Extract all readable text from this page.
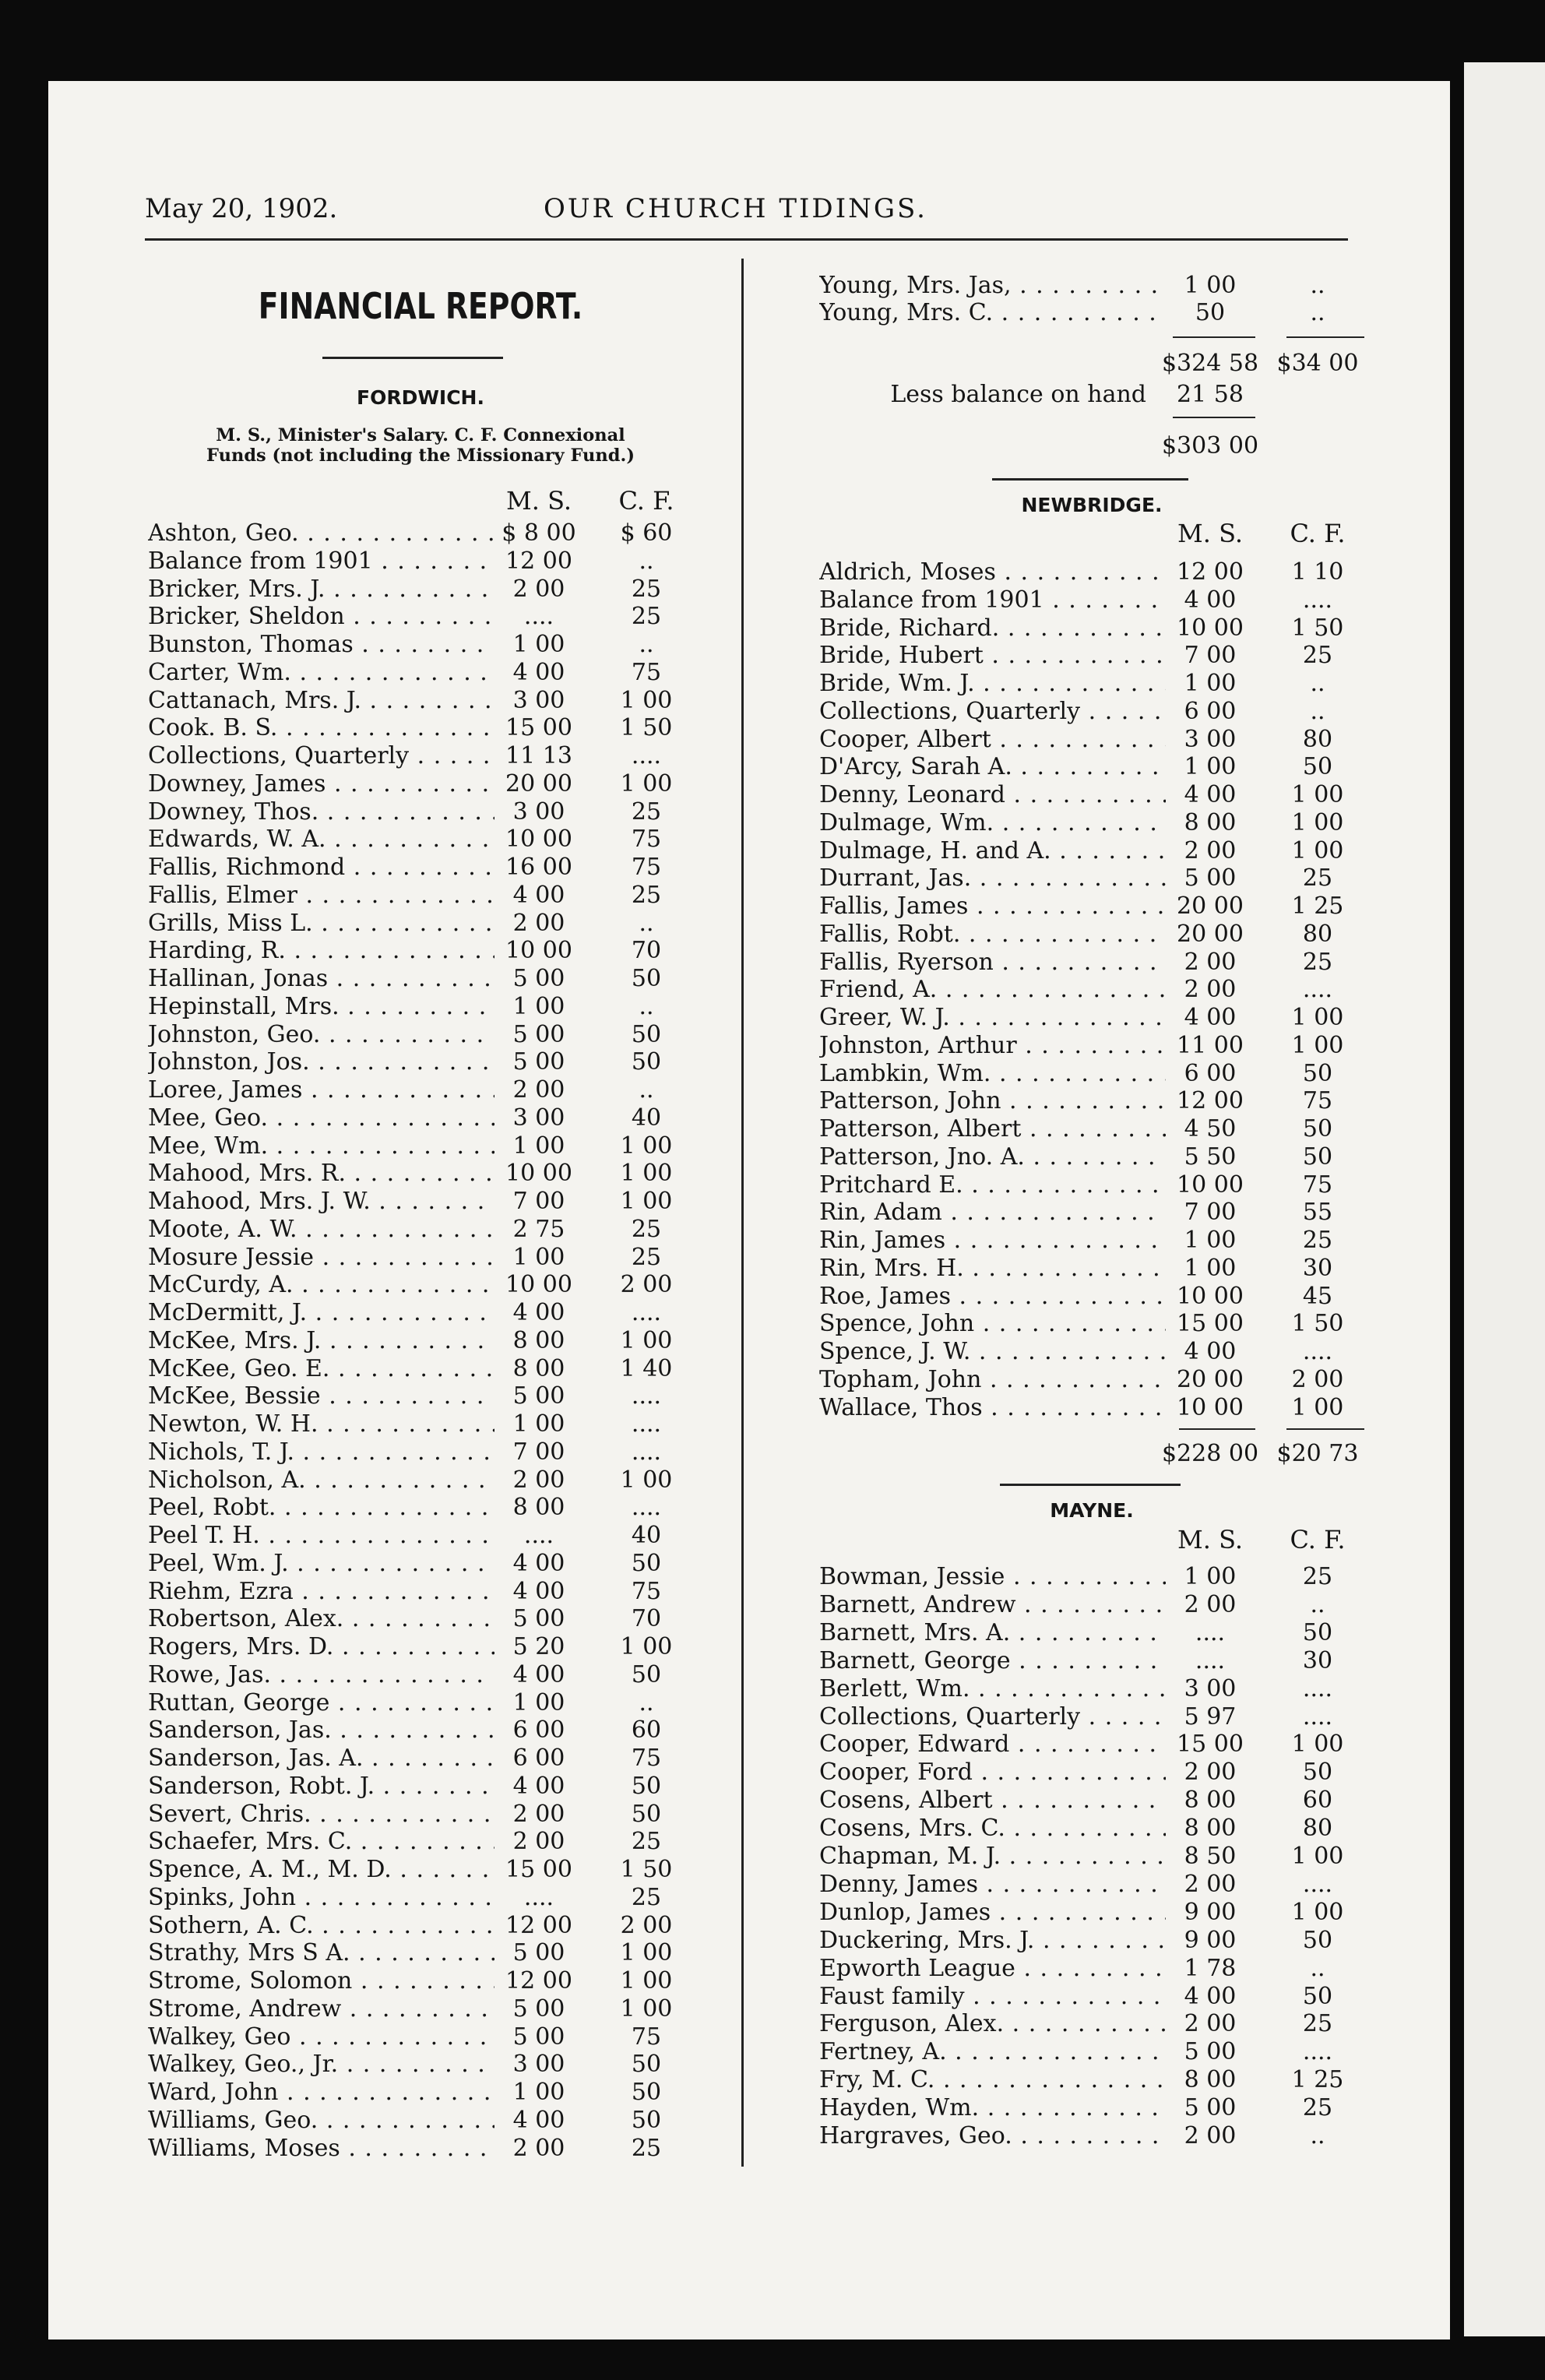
May 20, 1902.	OUR CHURCH TIDINGS.
FINANCIAL REPORT.
FORDWICH.
M. S., Minister's Salary. C. F. Connexional
Funds (not including the Missionary Fund.)
M. S.	C. F.
Ashton, Geo. . . .	$ 8 00	$ 60
Balance from 1901 . . .	12 00	..
Bricker, Mrs. J. . . .	2 00	25
Bricker, Sheldon . . .	....	25
Bunston, Thomas . . .	1 00	..
Carter, Wm. . . .	4 00	75
Cattanach, Mrs. J. . . .	3 00	1 00
Cook. B. S. . . .	15 00	1 50
Collections, Quarterly . . .	11 13	....
Downey, James . . .	20 00	1 00
Downey, Thos. . . .	3 00	25
Edwards, W. A. . . .	10 00	75
Fallis, Richmond . . .	16 00	75
Fallis, Elmer . . .	4 00	25
Grills, Miss L. . . .	2 00	..
Harding, R. . . .	10 00	70
Hallinan, Jonas . . .	5 00	50
Hepinstall, Mrs. . . .	1 00	..
Johnston, Geo. . . .	5 00	50
Johnston, Jos. . . .	5 00	50
Loree, James . . .	2 00	..
Mee, Geo. . . .	3 00	40
Mee, Wm. . . .	1 00	1 00
Mahood, Mrs. R. . . .	10 00	1 00
Mahood, Mrs. J. W. . . .	7 00	1 00
Moote, A. W. . . .	2 75	25
Mosure Jessie . . .	1 00	25
McCurdy, A. . . .	10 00	2 00
McDermitt, J. . . .	4 00	....
McKee, Mrs. J. . . .	8 00	1 00
McKee, Geo. E. . . .	8 00	1 40
McKee, Bessie . . .	5 00	....
Newton, W. H. . . .	1 00	....
Nichols, T. J. . . .	7 00	....
Nicholson, A. . . .	2 00	1 00
Peel, Robt. . . .	8 00	....
Peel T. H. . . .	....	40
Peel, Wm. J. . . .	4 00	50
Riehm, Ezra . . .	4 00	75
Robertson, Alex. . . .	5 00	70
Rogers, Mrs. D. . . .	5 20	1 00
Rowe, Jas. . . .	4 00	50
Ruttan, George . . .	1 00	..
Sanderson, Jas. . . .	6 00	60
Sanderson, Jas. A. . . .	6 00	75
Sanderson, Robt. J. . . .	4 00	50
Severt, Chris. . . .	2 00	50
Schaefer, Mrs. C. . . .	2 00	25
Spence, A. M., M. D. . . .	15 00	1 50
Spinks, John . . .	....	25
Sothern, A. C. . . .	12 00	2 00
Strathy, Mrs S A. . . .	5 00	1 00
Strome, Solomon . . .	12 00	1 00
Strome, Andrew . . .	5 00	1 00
Walkey, Geo . . .	5 00	75
Walkey, Geo., Jr. . . .	3 00	50
Ward, John . . .	1 00	50
Williams, Geo. . . .	4 00	50
Williams, Moses . . .	2 00	25
Young, Mrs. Jas, . . .	1 00	..
Young, Mrs. C. . . .	50	..
$324 58 $34 00
Less balance on hand	21 58
$303 00
NEWBRIDGE.
M. S.	C. F.
Aldrich, Moses . . .	12 00	1 10
Balance from 1901 . . .	4 00	....
Bride, Richard. . . .	10 00	1 50
Bride, Hubert . . .	7 00	25
Bride, Wm. J. . . .	1 00	..
Collections, Quarterly . . .	6 00	..
Cooper, Albert . . .	3 00	80
D'Arcy, Sarah A. . . .	1 00	50
Denny, Leonard . . .	4 00	1 00
Dulmage, Wm. . . .	8 00	1 00
Dulmage, H. and A. . . .	2 00	1 00
Durrant, Jas. . . .	5 00	25
Fallis, James . . .	20 00	1 25
Fallis, Robt. . . .	20 00	80
Fallis, Ryerson . . .	2 00	25
Friend, A. . . .	2 00	....
Greer, W. J. . . .	4 00	1 00
Johnston, Arthur . . .	11 00	1 00
Lambkin, Wm. . . .	6 00	50
Patterson, John . . .	12 00	75
Patterson, Albert . . .	4 50	50
Patterson, Jno. A. . . .	5 50	50
Pritchard E. . . .	10 00	75
Rin, Adam . . .	7 00	55
Rin, James . . .	1 00	25
Rin, Mrs. H. . . .	1 00	30
Roe, James . . .	10 00	45
Spence, John . . .	15 00	1 50
Spence, J. W. . . .	4 00	....
Topham, John . . .	20 00	2 00
Wallace, Thos . . .	10 00	1 00
$228 00 $20 73
MAYNE.
M. S.	C. F.
Bowman, Jessie . . .	1 00	25
Barnett, Andrew . . .	2 00	..
Barnett, Mrs. A. . . .	....	50
Barnett, George . . .	....	30
Berlett, Wm. . . .	3 00	....
Collections, Quarterly . . .	5 97	....
Cooper, Edward . . .	15 00	1 00
Cooper, Ford . . .	2 00	50
Cosens, Albert . . .	8 00	60
Cosens, Mrs. C. . . .	8 00	80
Chapman, M. J. . . .	8 50	1 00
Denny, James . . .	2 00	....
Dunlop, James . . .	9 00	1 00
Duckering, Mrs. J. . . .	9 00	50
Epworth League . . .	1 78	..
Faust family . . .	4 00	50
Ferguson, Alex. . . .	2 00	25
Fertney, A. . . .	5 00	....
Fry, M. C. . . .	8 00	1 25
Hayden, Wm. . . .	5 00	25
Hargraves, Geo. . . .	2 00	..
